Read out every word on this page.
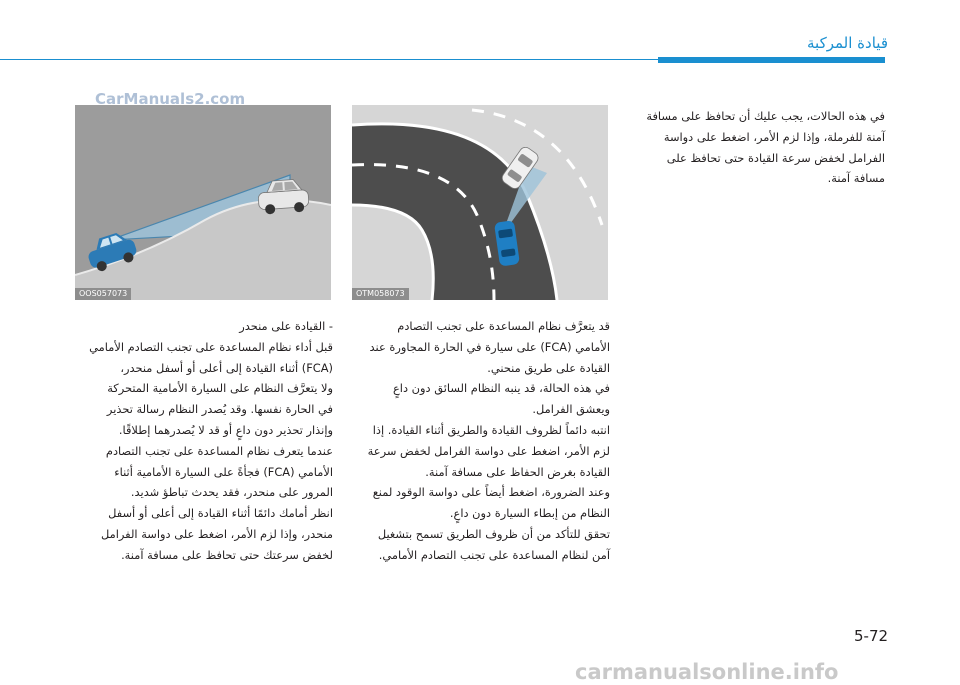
قيادة المركبة
OOS057073	OTM058073
CarManuals2.com

في هذه الحالات، يجب عليك أن تحافظ على مسافة

آمنة للفرملة، وإذا لزم الأمر، اضغط على دواسة

الفرامل لخفض سرعة القيادة حتى تحافظ على

مسافة آمنة.

قد يتعرَّف نظام المساعدة على تجنب التصادم

الأمامي (FCA) على سيارة في الحارة المجاورة عند

القيادة على طريق منحني.

في هذه الحالة، قد ينبه النظام السائق دون داعٍ

ويعشق الفرامل.

انتبه دائماً لظروف القيادة والطريق أثناء القيادة. إذا

لزم الأمر، اضغط على دواسة الفرامل لخفض سرعة

القيادة بغرض الحفاظ على مسافة آمنة.

وعند الضرورة، اضغط أيضاً على دواسة الوقود لمنع

النظام من إبطاء السيارة دون داعٍ.

تحقق للتأكد من أن ظروف الطريق تسمح بتشغيل

آمن لنظام المساعدة على تجنب التصادم الأمامي.

- القيادة على منحدر

قبل أداء نظام المساعدة على تجنب التصادم الأمامي

(FCA) أثناء القيادة إلى أعلى أو أسفل منحدر،

ولا يتعرَّف النظام على السيارة الأمامية المتحركة

في الحارة نفسها. وقد يُصدر النظام رسالة تحذير

وإنذار تحذير دون داعٍ أو قد لا يُصدرهما إطلاقًا.

عندما يتعرف نظام المساعدة على تجنب التصادم

الأمامي (FCA) فجأةً على السيارة الأمامية أثناء

المرور على منحدر، فقد يحدث تباطؤ شديد.

انظر أمامك دائمًا أثناء القيادة إلى أعلى أو أسفل

منحدر، وإذا لزم الأمر، اضغط على دواسة الفرامل

لخفض سرعتك حتى تحافظ على مسافة آمنة.

5-72
carmanualsonline.info
